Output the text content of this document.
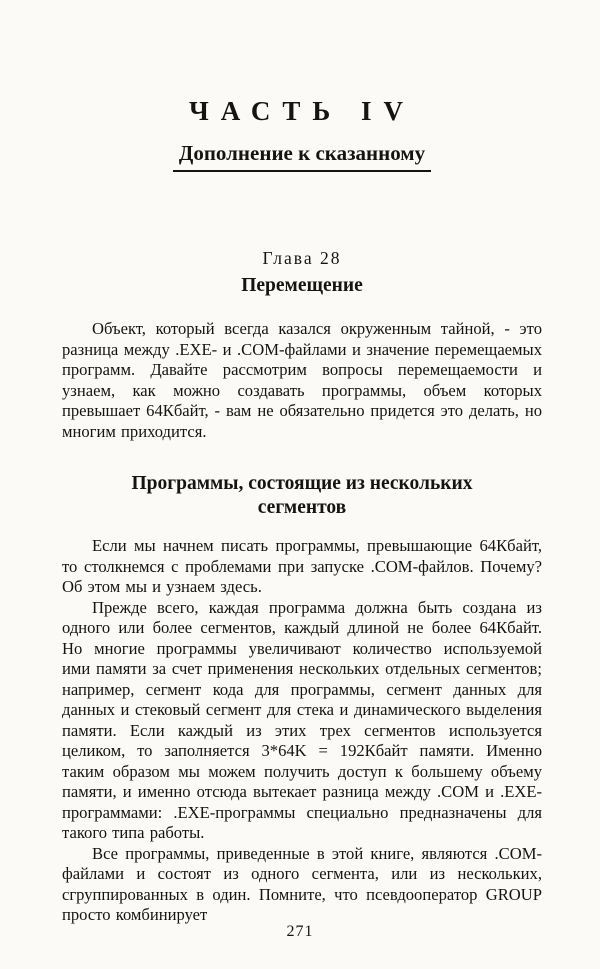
ЧАСТЬ IV
Дополнение к сказанному
Глава 28
Перемещение

Объект, который всегда казался окруженным тайной, - это разница между .EXE- и .COM-файлами и значение перемещаемых программ. Давайте рассмотрим вопросы перемещаемости и узнаем, как можно создавать программы, объем которых превышает 64Кбайт, - вам не обязательно придется это делать, но многим приходится.

Программы, состоящие из нескольких сегментов

Если мы начнем писать программы, превышающие 64Кбайт, то столкнемся с проблемами при запуске .COM-файлов. Почему? Об этом мы и узнаем здесь.

Прежде всего, каждая программа должна быть создана из одного или более сегментов, каждый длиной не более 64Кбайт. Но многие программы увеличивают количество используемой ими памяти за счет применения нескольких отдельных сегментов; например, сегмент кода для программы, сегмент данных для данных и стековый сегмент для стека и динамического выделения памяти. Если каждый из этих трех сегментов используется целиком, то заполняется 3*64K = 192Кбайт памяти. Именно таким образом мы можем получить доступ к большему объему памяти, и именно отсюда вытекает разница между .COM и .EXE-программами: .EXE-программы специально предназначены для такого типа работы.

Все программы, приведенные в этой книге, являются .COM-файлами и состоят из одного сегмента, или из нескольких, сгруппированных в один. Помните, что псевдооператор GROUP просто комбинирует

271
